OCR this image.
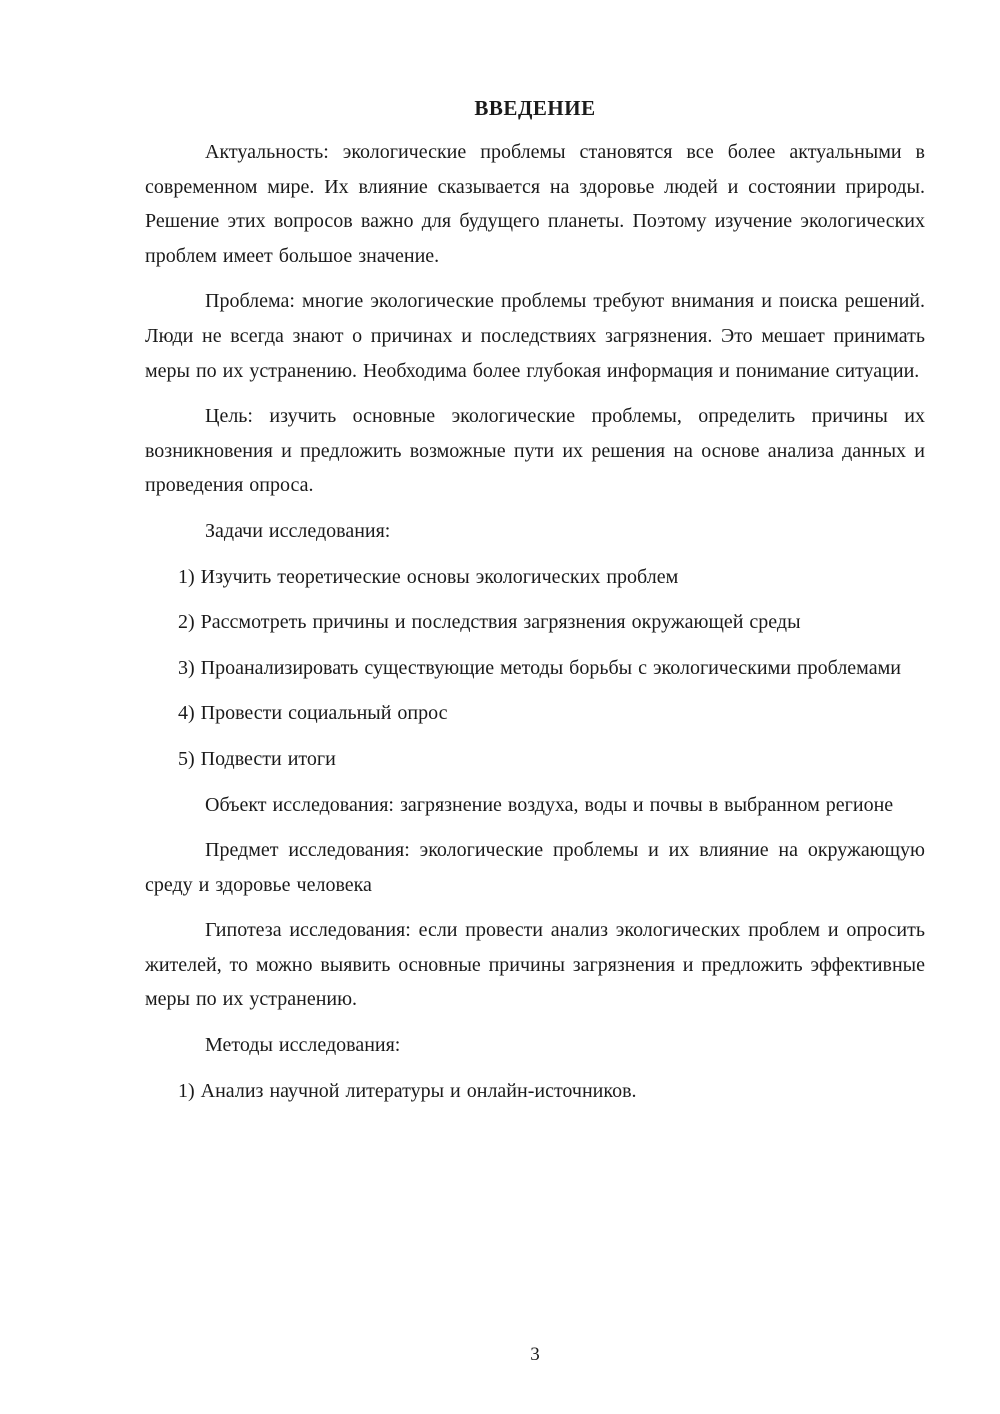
ВВЕДЕНИЕ

Актуальность: экологические проблемы становятся все более актуальными в современном мире. Их влияние сказывается на здоровье людей и состоянии природы. Решение этих вопросов важно для будущего планеты. Поэтому изучение экологических проблем имеет большое значение.

Проблема: многие экологические проблемы требуют внимания и поиска решений. Люди не всегда знают о причинах и последствиях загрязнения. Это мешает принимать меры по их устранению. Необходима более глубокая информация и понимание ситуации.

Цель: изучить основные экологические проблемы, определить причины их возникновения и предложить возможные пути их решения на основе анализа данных и проведения опроса.

Задачи исследования:

1) Изучить теоретические основы экологических проблем

2) Рассмотреть причины и последствия загрязнения окружающей среды

3) Проанализировать существующие методы борьбы с экологическими проблемами

4) Провести социальный опрос

5) Подвести итоги

Объект исследования: загрязнение воздуха, воды и почвы в выбранном регионе

Предмет исследования: экологические проблемы и их влияние на окружающую среду и здоровье человека

Гипотеза исследования: если провести анализ экологических проблем и опросить жителей, то можно выявить основные причины загрязнения и предложить эффективные меры по их устранению.

Методы исследования:

1) Анализ научной литературы и онлайн-источников.

3
